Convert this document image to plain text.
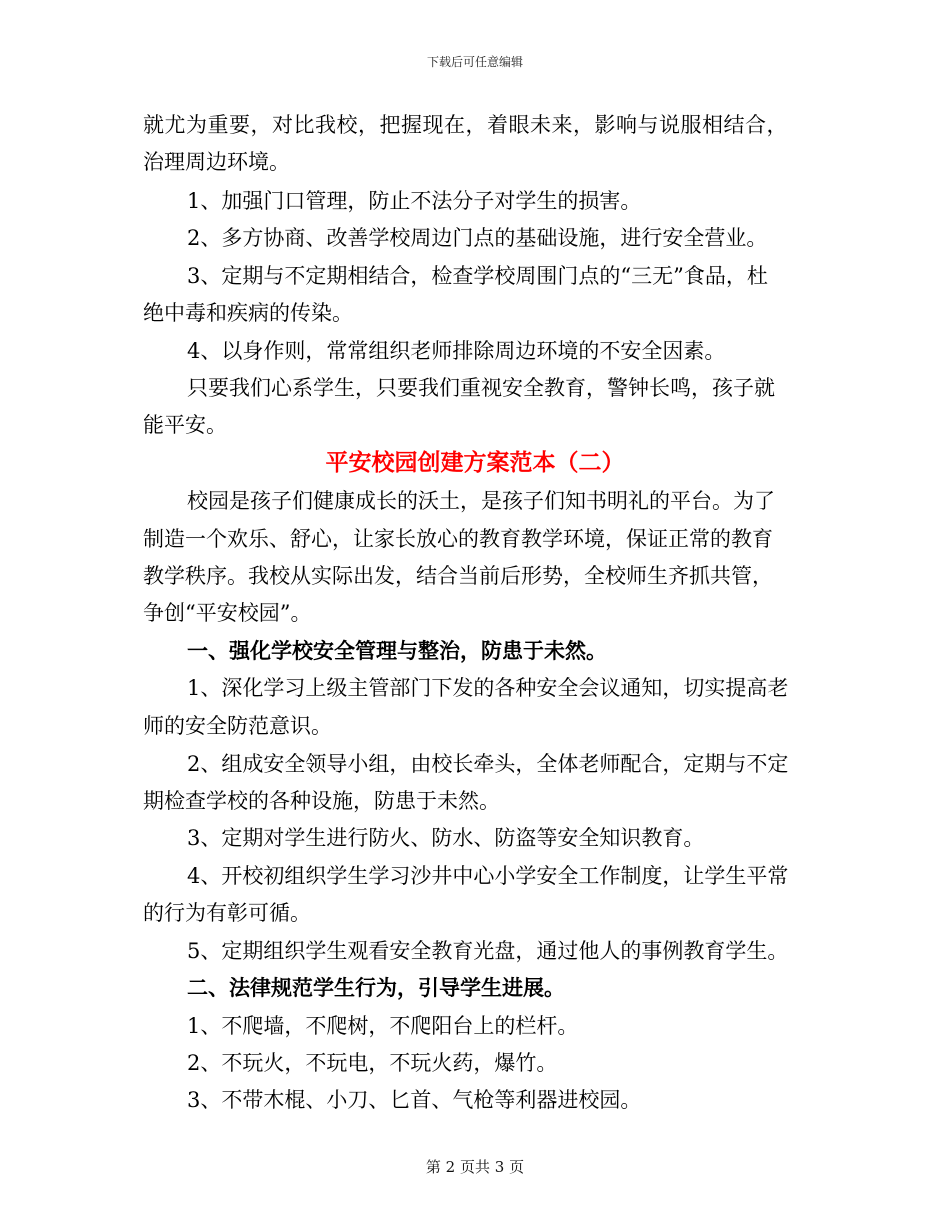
下载后可任意编辑
就尤为重要，对比我校，把握现在，着眼未来，影响与说服相结合，
治理周边环境。
1、加强门口管理，防止不法分子对学生的损害。
2、多方协商、改善学校周边门点的基础设施，进行安全营业。
3、定期与不定期相结合，检查学校周围门点的“三无”食品，杜
绝中毒和疾病的传染。
4、以身作则，常常组织老师排除周边环境的不安全因素。
只要我们心系学生，只要我们重视安全教育，警钟长鸣，孩子就
能平安。
平安校园创建方案范本（二）
校园是孩子们健康成长的沃土，是孩子们知书明礼的平台。为了
制造一个欢乐、舒心，让家长放心的教育教学环境，保证正常的教育
教学秩序。我校从实际出发，结合当前后形势，全校师生齐抓共管，
争创“平安校园”。
一、强化学校安全管理与整治，防患于未然。
1、深化学习上级主管部门下发的各种安全会议通知，切实提高老
师的安全防范意识。
2、组成安全领导小组，由校长牵头，全体老师配合，定期与不定
期检查学校的各种设施，防患于未然。
3、定期对学生进行防火、防水、防盗等安全知识教育。
4、开校初组织学生学习沙井中心小学安全工作制度，让学生平常
的行为有彰可循。
5、定期组织学生观看安全教育光盘，通过他人的事例教育学生。
二、法律规范学生行为，引导学生进展。
1、不爬墙，不爬树，不爬阳台上的栏杆。
2、不玩火，不玩电，不玩火药，爆竹。
3、不带木棍、小刀、匕首、气枪等利器进校园。
第 2 页共 3 页
